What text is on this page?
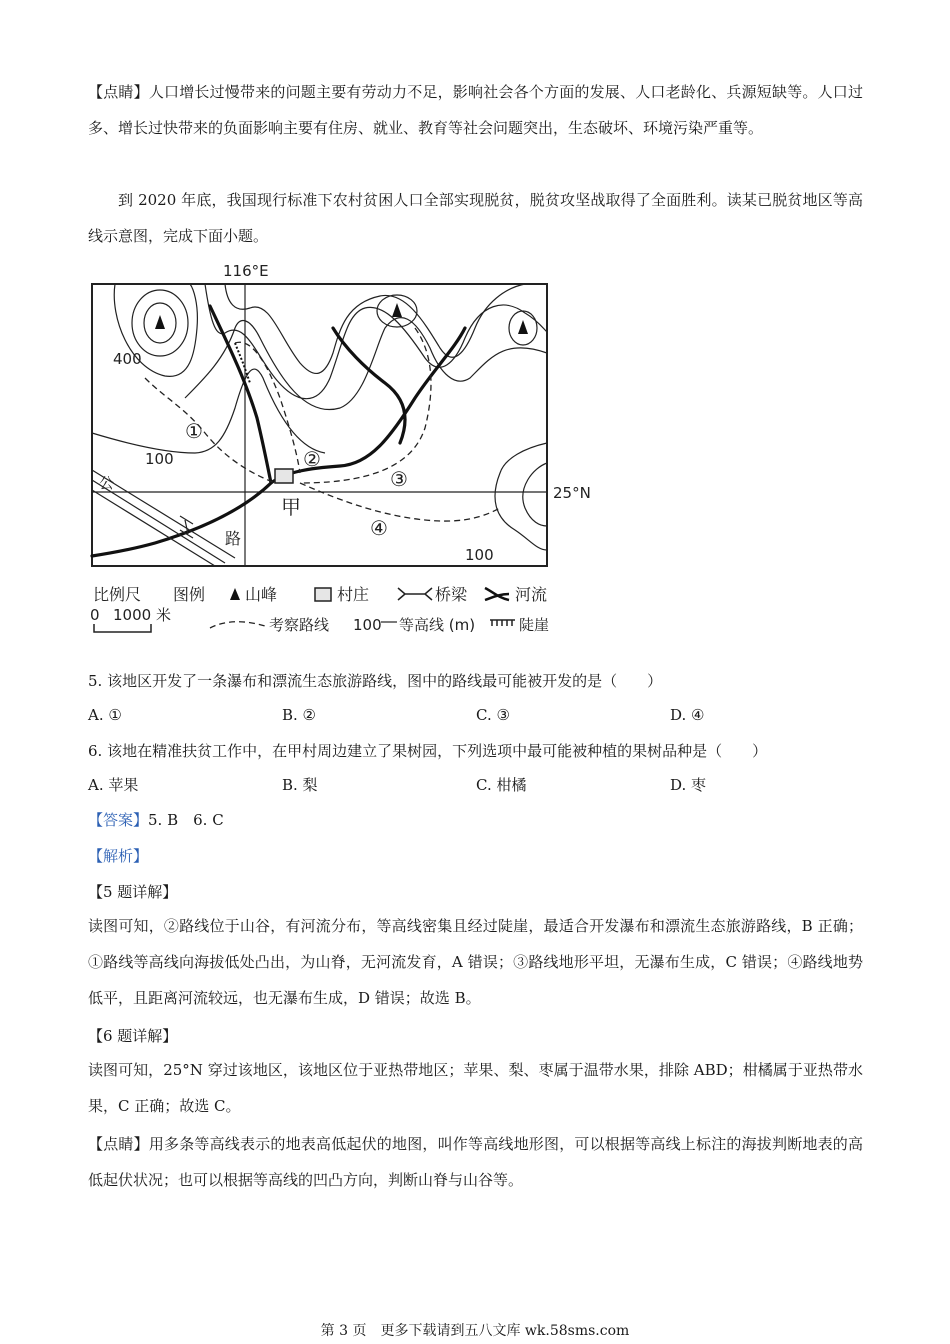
【点睛】人口增长过慢带来的问题主要有劳动力不足，影响社会各个方面的发展、人口老龄化、兵源短缺等。人口过多、增长过快带来的负面影响主要有住房、就业、教育等社会问题突出，生态破坏、环境污染严重等。

到 2020 年底，我国现行标准下农村贫困人口全部实现脱贫，脱贫攻坚战取得了全面胜利。读某已脱贫地区等高线示意图，完成下面小题。

116°E
25°N
公
路
甲
400
100
100
①
②
③
④
比例尺 图例 山峰	村庄	桥梁	河流
0 1000 米
考察路线 100 等高线 (m)	陡崖

5. 该地区开发了一条瀑布和漂流生态旅游路线，图中的路线最可能被开发的是（　　）

A. ①	B. ②	C. ③	D. ④

6. 该地在精准扶贫工作中，在甲村周边建立了果树园，下列选项中最可能被种植的果树品种是（　　）

A. 苹果	B. 梨	C. 柑橘	D. 枣

【答案】5. B　6. C

【解析】

【5 题详解】

读图可知，②路线位于山谷，有河流分布，等高线密集且经过陡崖，最适合开发瀑布和漂流生态旅游路线，B 正确；①路线等高线向海拔低处凸出，为山脊，无河流发育，A 错误；③路线地形平坦，无瀑布生成，C 错误；④路线地势低平，且距离河流较远，也无瀑布生成，D 错误；故选 B。

【6 题详解】

读图可知，25°N 穿过该地区，该地区位于亚热带地区；苹果、梨、枣属于温带水果，排除 ABD；柑橘属于亚热带水果，C 正确；故选 C。

【点睛】用多条等高线表示的地表高低起伏的地图，叫作等高线地形图，可以根据等高线上标注的海拔判断地表的高低起伏状况；也可以根据等高线的凹凸方向，判断山脊与山谷等。

第 3 页　更多下载请到五八文库 wk.58sms.com
